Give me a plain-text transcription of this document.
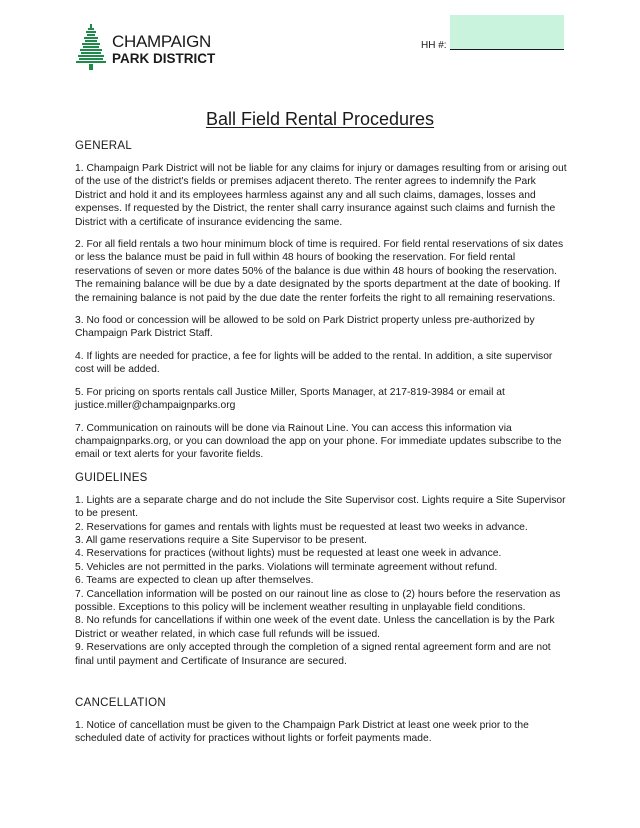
CHAMPAIGN
PARK DISTRICT
HH #:
Ball Field Rental Procedures
GENERAL
1. Champaign Park District will not be liable for any claims for injury or damages resulting from or arising out of the use of the district's fields or premises adjacent thereto. The renter agrees to indemnify the Park District and hold it and its employees harmless against any and all such claims, damages, losses and expenses. If requested by the District, the renter shall carry insurance against such claims and furnish the District with a certificate of insurance evidencing the same.
2. For all field rentals a two hour minimum block of time is required. For field rental reservations of six dates or less the balance must be paid in full within 48 hours of booking the reservation. For field rental reservations of seven or more dates 50% of the balance is due within 48 hours of booking the reservation. The remaining balance will be due by a date designated by the sports department at the date of booking. If the remaining balance is not paid by the due date the renter forfeits the right to all remaining reservations.
3. No food or concession will be allowed to be sold on Park District property unless pre-authorized by Champaign Park District Staff.
4. If lights are needed for practice, a fee for lights will be added to the rental. In addition, a site supervisor cost will be added.
5. For pricing on sports rentals call Justice Miller, Sports Manager, at 217-819-3984 or email at justice.miller@champaignparks.org
7. Communication on rainouts will be done via Rainout Line. You can access this information via champaignparks.org, or you can download the app on your phone. For immediate updates subscribe to the email or text alerts for your favorite fields.
GUIDELINES
1. Lights are a separate charge and do not include the Site Supervisor cost. Lights require a Site Supervisor to be present.
2. Reservations for games and rentals with lights must be requested at least two weeks in advance.
3. All game reservations require a Site Supervisor to be present.
4. Reservations for practices (without lights) must be requested at least one week in advance.
5. Vehicles are not permitted in the parks. Violations will terminate agreement without refund.
6. Teams are expected to clean up after themselves.
7. Cancellation information will be posted on our rainout line as close to (2) hours before the reservation as possible. Exceptions to this policy will be inclement weather resulting in unplayable field conditions.
8. No refunds for cancellations if within one week of the event date. Unless the cancellation is by the Park District or weather related, in which case full refunds will be issued.
9. Reservations are only accepted through the completion of a signed rental agreement form and are not final until payment and Certificate of Insurance are secured.
CANCELLATION
1. Notice of cancellation must be given to the Champaign Park District at least one week prior to the scheduled date of activity for practices without lights or forfeit payments made.
